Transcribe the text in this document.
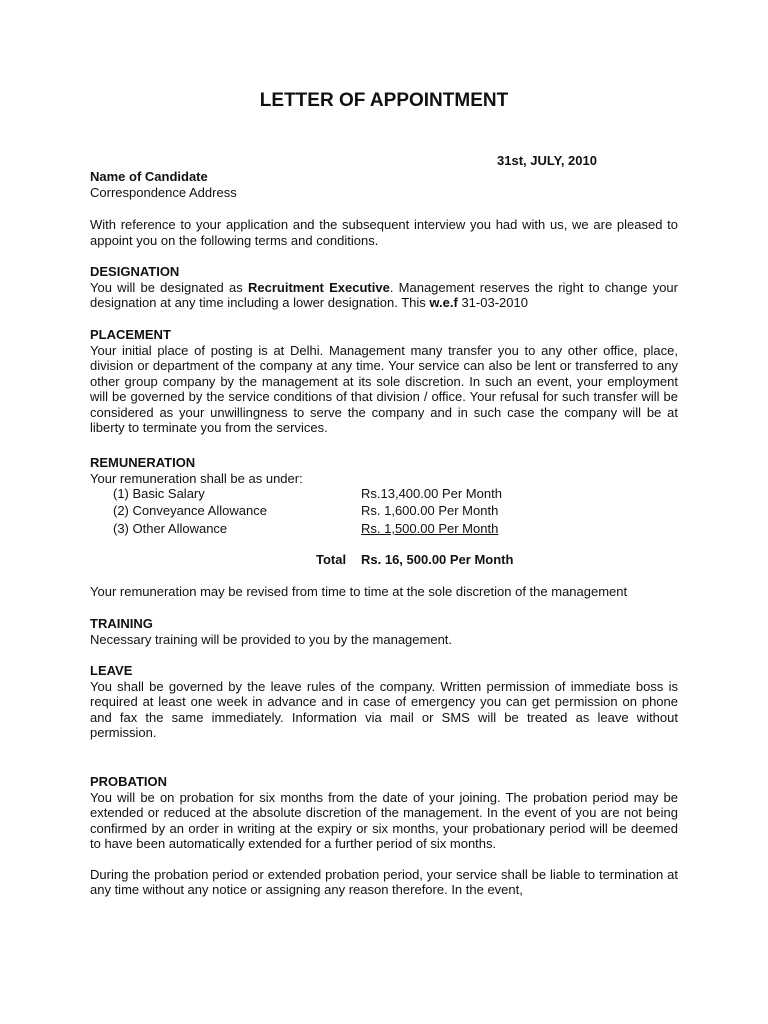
LETTER OF APPOINTMENT
31st, JULY, 2010

Name of Candidate

Correspondence Address

With reference to your application and the subsequent interview you had with us, we are pleased to appoint you on the following terms and conditions.

DESIGNATION

You will be designated as Recruitment Executive. Management reserves the right to change your designation at any time including a lower designation. This w.e.f 31-03-2010

PLACEMENT

Your initial place of posting is at Delhi. Management many transfer you to any other office, place, division or department of the company at any time. Your service can also be lent or transferred to any other group company by the management at its sole discretion. In such an event, your employment will be governed by the service conditions of that division / office. Your refusal for such transfer will be considered as your unwillingness to serve the company and in such case the company will be at liberty to terminate you from the services.

REMUNERATION

Your remuneration shall be as under:

(1) Basic Salary	Rs.13,400.00 Per Month
(2) Conveyance Allowance	Rs. 1,600.00 Per Month
(3) Other Allowance	Rs. 1,500.00 Per Month
Total Rs. 16, 500.00 Per Month

Your remuneration may be revised from time to time at the sole discretion of the management

TRAINING

Necessary training will be provided to you by the management.

LEAVE

You shall be governed by the leave rules of the company. Written permission of immediate boss is required at least one week in advance and in case of emergency you can get permission on phone and fax the same immediately. Information via mail or SMS will be treated as leave without permission.

PROBATION

You will be on probation for six months from the date of your joining. The probation period may be extended or reduced at the absolute discretion of the management. In the event of you are not being confirmed by an order in writing at the expiry or six months, your probationary period will be deemed to have been automatically extended for a further period of six months.

During the probation period or extended probation period, your service shall be liable to termination at any time without any notice or assigning any reason therefore. In the event,
